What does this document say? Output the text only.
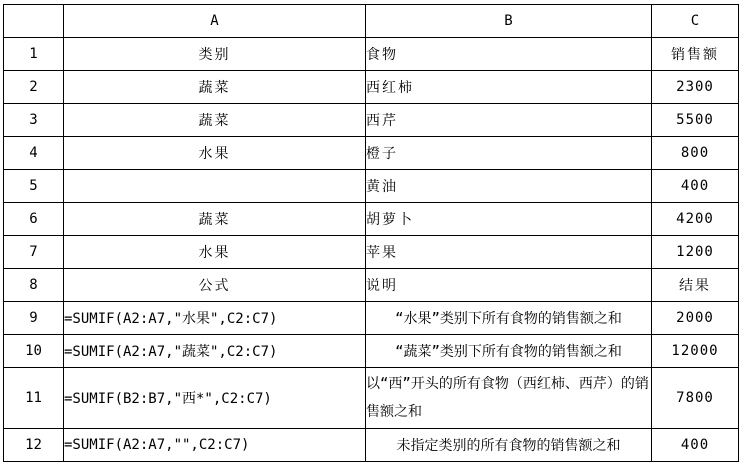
	A	B	C
1	类别	食物	销售额
2	蔬菜	西红柿	2300
3	蔬菜	西芹	5500
4	水果	橙子	800
5		黄油	400
6	蔬菜	胡萝卜	4200
7	水果	苹果	1200
8	公式	说明	结果
9	=SUMIF(A2:A7,"水果",C2:C7)	“水果”类别下所有食物的销售额之和	2000
10	=SUMIF(A2:A7,"蔬菜",C2:C7)	“蔬菜”类别下所有食物的销售额之和	12000
11	=SUMIF(B2:B7,"西*",C2:C7)	以“西”开头的所有食物（西红柿、西芹）的销售额之和	7800
12	=SUMIF(A2:A7,"",C2:C7)	未指定类别的所有食物的销售额之和	400
